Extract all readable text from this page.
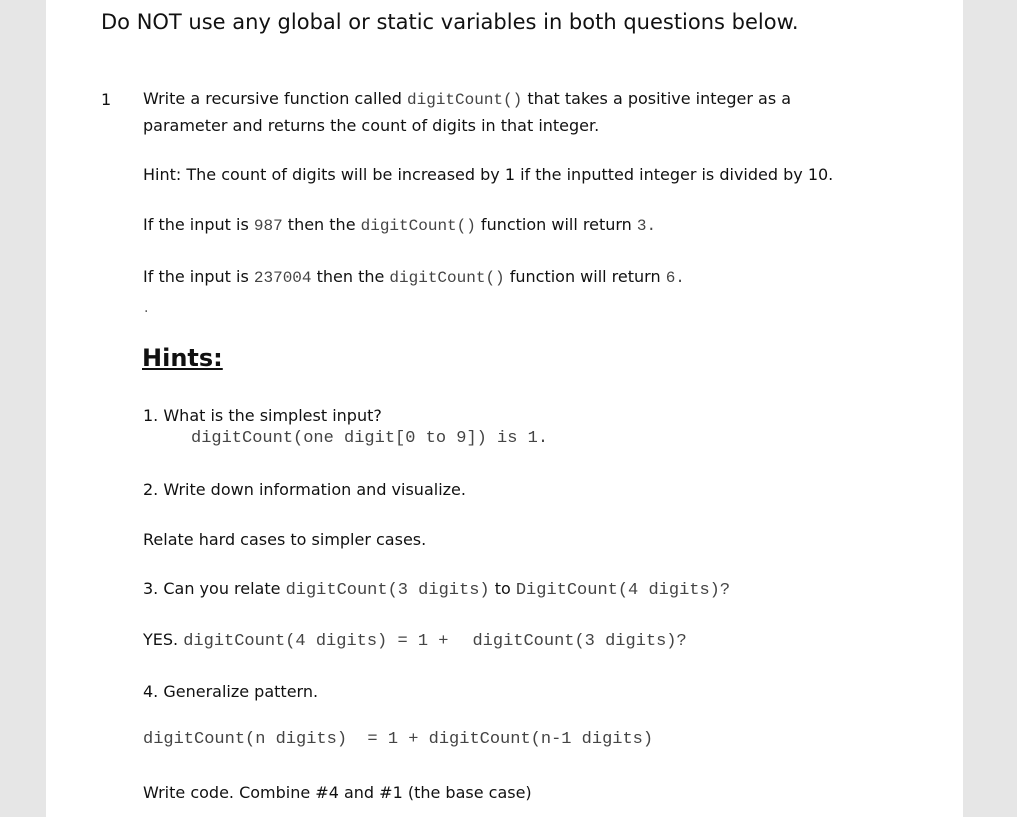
Do NOT use any global or static variables in both questions below.
1 Write a recursive function called digitCount() that takes a positive integer as a
parameter and returns the count of digits in that integer.
Hint: The count of digits will be increased by 1 if the inputted integer is divided by 10.
If the input is 987 then the digitCount() function will return 3.
If the input is 237004 then the digitCount() function will return 6.
.
Hints:
1. What is the simplest input?
digitCount(one digit[0 to 9]) is 1.
2. Write down information and visualize.
Relate hard cases to simpler cases.
3. Can you relate digitCount(3 digits) to DigitCount(4 digits)?
YES. digitCount(4 digits) = 1 + digitCount(3 digits)?
4. Generalize pattern.
digitCount(n digits)  = 1 + digitCount(n-1 digits)
Write code. Combine #4 and #1 (the base case)
